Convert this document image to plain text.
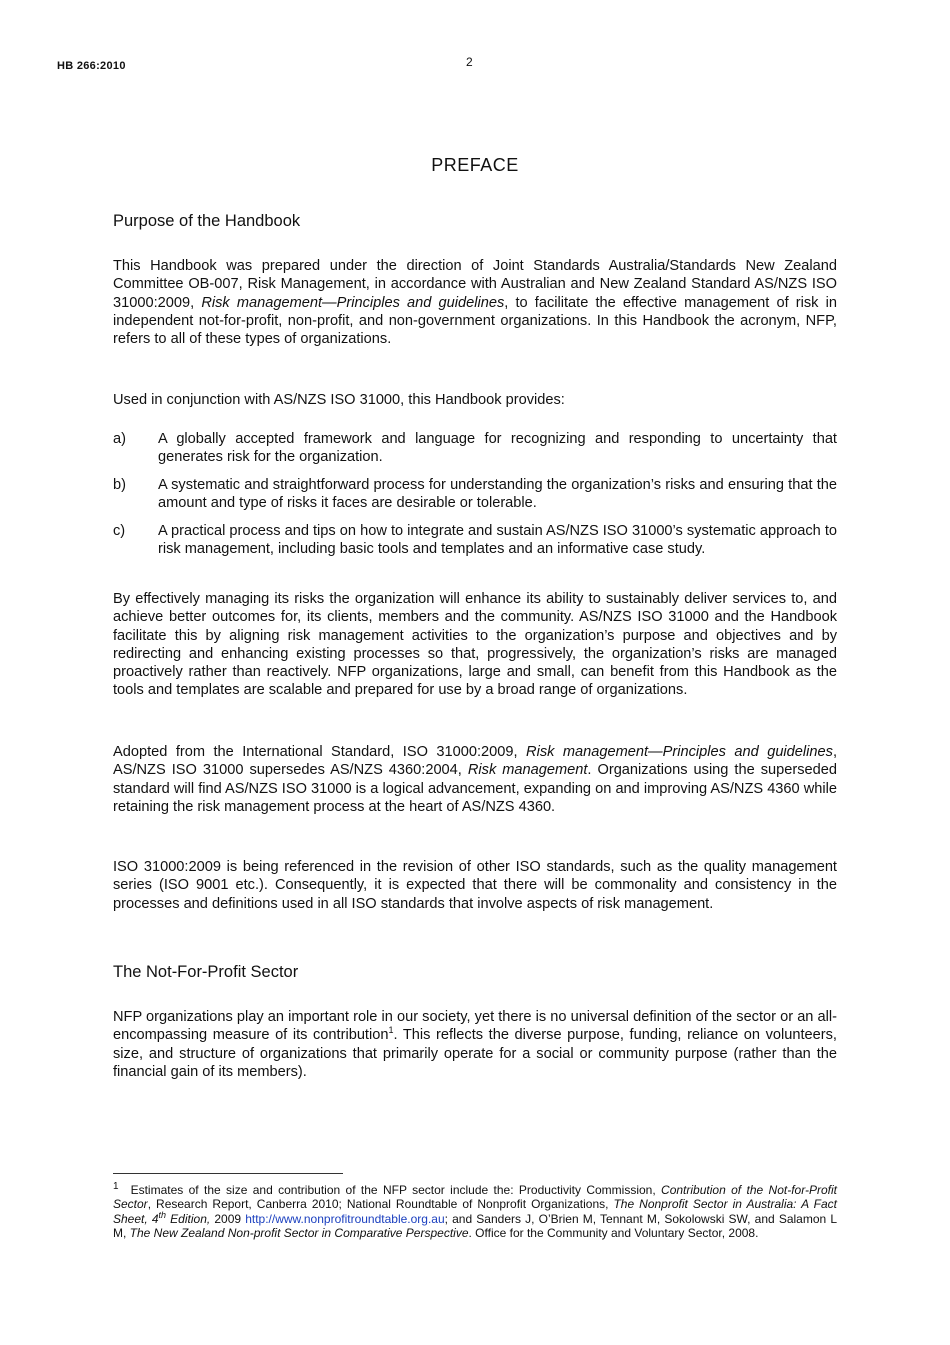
HB 266:2010	2
PREFACE
Purpose of the Handbook
This Handbook was prepared under the direction of Joint Standards Australia/Standards New Zealand Committee OB-007, Risk Management, in accordance with Australian and New Zealand Standard AS/NZS ISO 31000:2009, Risk management—Principles and guidelines, to facilitate the effective management of risk in independent not-for-profit, non-profit, and non-government organizations. In this Handbook the acronym, NFP, refers to all of these types of organizations.
Used in conjunction with AS/NZS ISO 31000, this Handbook provides:
a) A globally accepted framework and language for recognizing and responding to uncertainty that generates risk for the organization.
b) A systematic and straightforward process for understanding the organization’s risks and ensuring that the amount and type of risks it faces are desirable or tolerable.
c) A practical process and tips on how to integrate and sustain AS/NZS ISO 31000’s systematic approach to risk management, including basic tools and templates and an informative case study.
By effectively managing its risks the organization will enhance its ability to sustainably deliver services to, and achieve better outcomes for, its clients, members and the community. AS/NZS ISO 31000 and the Handbook facilitate this by aligning risk management activities to the organization’s purpose and objectives and by redirecting and enhancing existing processes so that, progressively, the organization’s risks are managed proactively rather than reactively. NFP organizations, large and small, can benefit from this Handbook as the tools and templates are scalable and prepared for use by a broad range of organizations.
Adopted from the International Standard, ISO 31000:2009, Risk management—Principles and guidelines, AS/NZS ISO 31000 supersedes AS/NZS 4360:2004, Risk management. Organizations using the superseded standard will find AS/NZS ISO 31000 is a logical advancement, expanding on and improving AS/NZS 4360 while retaining the risk management process at the heart of AS/NZS 4360.
ISO 31000:2009 is being referenced in the revision of other ISO standards, such as the quality management series (ISO 9001 etc.). Consequently, it is expected that there will be commonality and consistency in the processes and definitions used in all ISO standards that involve aspects of risk management.
The Not-For-Profit Sector
NFP organizations play an important role in our society, yet there is no universal definition of the sector or an all-encompassing measure of its contribution$^1$. This reflects the diverse purpose, funding, reliance on volunteers, size, and structure of organizations that primarily operate for a social or community purpose (rather than the financial gain of its members).
$^1$ Estimates of the size and contribution of the NFP sector include the: Productivity Commission, Contribution of the Not-for-Profit Sector, Research Report, Canberra 2010; National Roundtable of Nonprofit Organizations, The Nonprofit Sector in Australia: A Fact Sheet, 4th Edition, 2009 http://www.nonprofitroundtable.org.au; and Sanders J, O’Brien M, Tennant M, Sokolowski SW, and Salamon L M, The New Zealand Non-profit Sector in Comparative Perspective. Office for the Community and Voluntary Sector, 2008.
